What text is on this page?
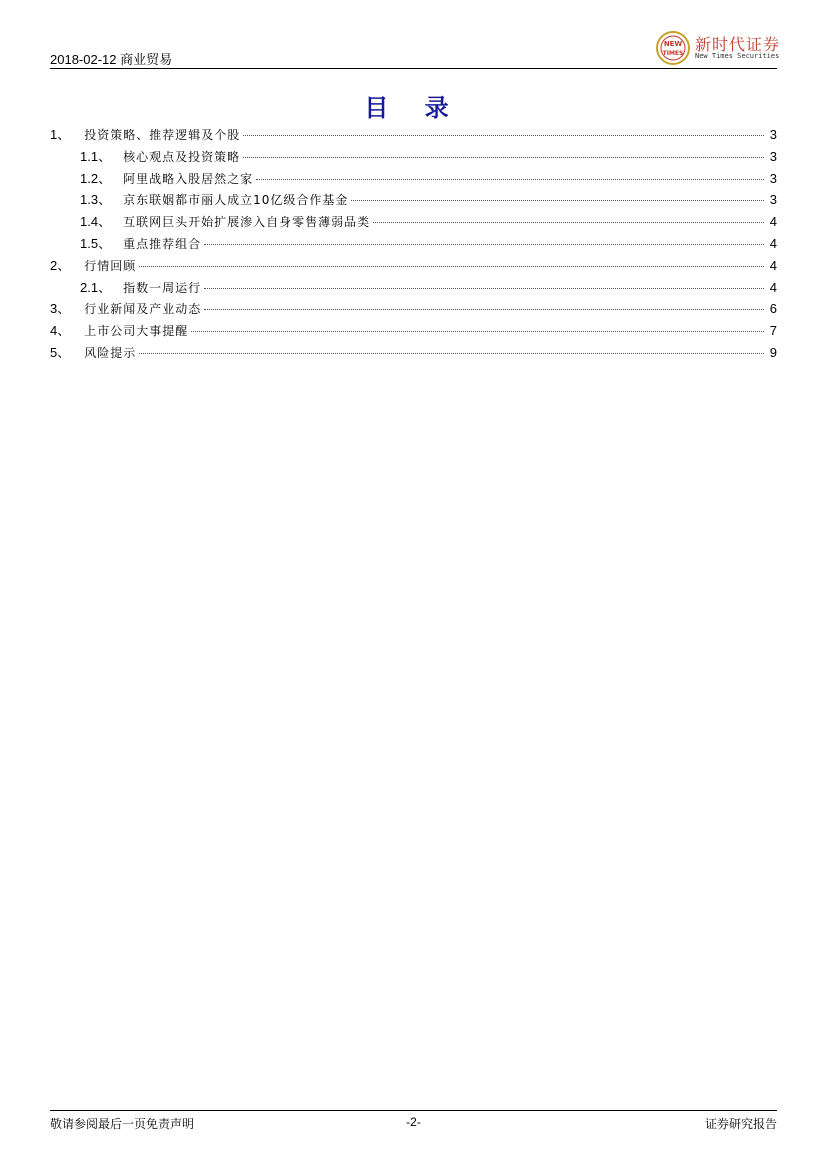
2018-02-12 商业贸易
NEW
TIMES 新时代证券
New Times Securities
目 录
1、 投资策略、推荐逻辑及个股	3
1.1、 核心观点及投资策略	3
1.2、 阿里战略入股居然之家	3
1.3、 京东联姻都市丽人成立10亿级合作基金	3
1.4、 互联网巨头开始扩展渗入自身零售薄弱品类	4
1.5、 重点推荐组合	4
2、 行情回顾	4
2.1、 指数一周运行	4
3、 行业新闻及产业动态	6
4、 上市公司大事提醒	7
5、 风险提示	9
敬请参阅最后一页免责声明	-2-	证券研究报告
